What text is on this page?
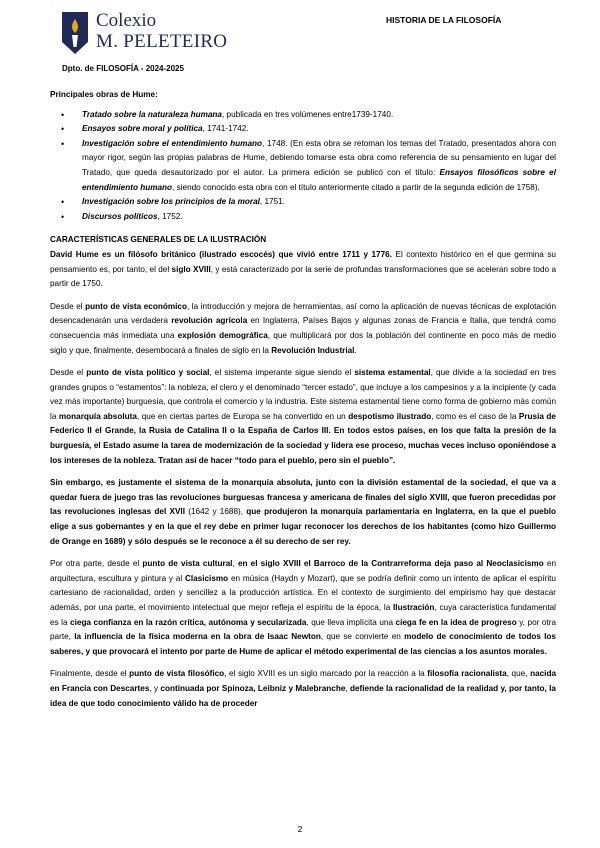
Colexio
M. PELETEIRO
HISTORIA DE LA FILOSOFÍA
Dpto. de FILOSOFÍA - 2024-2025

Principales obras de Hume:

• Tratado sobre la naturaleza humana, publicada en tres volúmenes entre1739-1740.
• Ensayos sobre moral y política, 1741-1742.
• Investigación sobre el entendimiento humano, 1748. (En esta obra se retoman los temas del Tratado, presentados ahora con mayor rigor, según las propias palabras de Hume, debiendo tomarse esta obra como referencia de su pensamiento en lugar del Tratado, que queda desautorizado por el autor. La primera edición se publicó con el título: Ensayos filosóficos sobre el entendimiento humano, siendo conocido esta obra con el título anteriormente citado a partir de la segunda edición de 1758).
• Investigación sobre los principios de la moral, 1751.
• Discursos políticos, 1752.

CARACTERÍSTICAS GENERALES DE LA ILUSTRACIÓN

David Hume es un filósofo británico (ilustrado escocés) que vivió entre 1711 y 1776. El contexto histórico en el que germina su pensamiento es, por tanto, el del siglo XVIII, y está caracterizado por la serie de profundas transformaciones que se aceleran sobre todo a partir de 1750.

Desde el punto de vista económico, la introducción y mejora de herramientas, así como la aplicación de nuevas técnicas de explotación desencadenarán una verdadera revolución agrícola en Inglaterra, Países Bajos y algunas zonas de Francia e Italia, que tendrá como consecuencia más inmediata una explosión demográfica, que multiplicará por dos la población del continente en poco más de medio siglo y que, finalmente, desembocará a finales de siglo en la Revolución Industrial.

Desde el punto de vista político y social, el sistema imperante sigue siendo el sistema estamental, que divide a la sociedad en tres grandes grupos o “estamentos”: la nobleza, el clero y el denominado “tercer estado”, que incluye a los campesinos y a la incipiente (y cada vez más importante) burguesía, que controla el comercio y la industria. Este sistema estamental tiene como forma de gobierno más común la monarquía absoluta, que en ciertas partes de Europa se ha convertido en un despotismo ilustrado, como es el caso de la Prusia de Federico II el Grande, la Rusia de Catalina II o la España de Carlos III. En todos estos países, en los que falta la presión de la burguesía, el Estado asume la tarea de modernización de la sociedad y lidera ese proceso, muchas veces incluso oponiéndose a los intereses de la nobleza. Tratan así de hacer “todo para el pueblo, pero sin el pueblo”.

Sin embargo, es justamente el sistema de la monarquía absoluta, junto con la división estamental de la sociedad, el que va a quedar fuera de juego tras las revoluciones burguesas francesa y americana de finales del siglo XVIII, que fueron precedidas por las revoluciones inglesas del XVII (1642 y 1688), que produjeron la monarquía parlamentaria en Inglaterra, en la que el pueblo elige a sus gobernantes y en la que el rey debe en primer lugar reconocer los derechos de los habitantes (como hizo Guillermo de Orange en 1689) y sólo después se le reconoce a él su derecho de ser rey.

Por otra parte, desde el punto de vista cultural, en el siglo XVIII el Barroco de la Contrarreforma deja paso al Neoclasicismo en arquitectura, escultura y pintura y al Clasicismo en música (Haydn y Mozart), que se podría definir como un intento de aplicar el espíritu cartesiano de racionalidad, orden y sencillez a la producción artística. En el contexto de surgimiento del empirismo hay que destacar además, por una parte, el movimiento intelectual que mejor refleja el espíritu de la época, la Ilustración, cuya característica fundamental es la ciega confianza en la razón crítica, autónoma y secularizada, que lleva implícita una ciega fe en la idea de progreso y, por otra parte, la influencia de la física moderna en la obra de Isaac Newton, que se convierte en modelo de conocimiento de todos los saberes, y que provocará el intento por parte de Hume de aplicar el método experimental de las ciencias a los asuntos morales.

Finalmente, desde el punto de vista filosófico, el siglo XVIII es un siglo marcado por la reacción a la filosofía racionalista, que, nacida en Francia con Descartes, y continuada por Spinoza, Leibniz y Malebranche, defiende la racionalidad de la realidad y, por tanto, la idea de que todo conocimiento válido ha de proceder

2
